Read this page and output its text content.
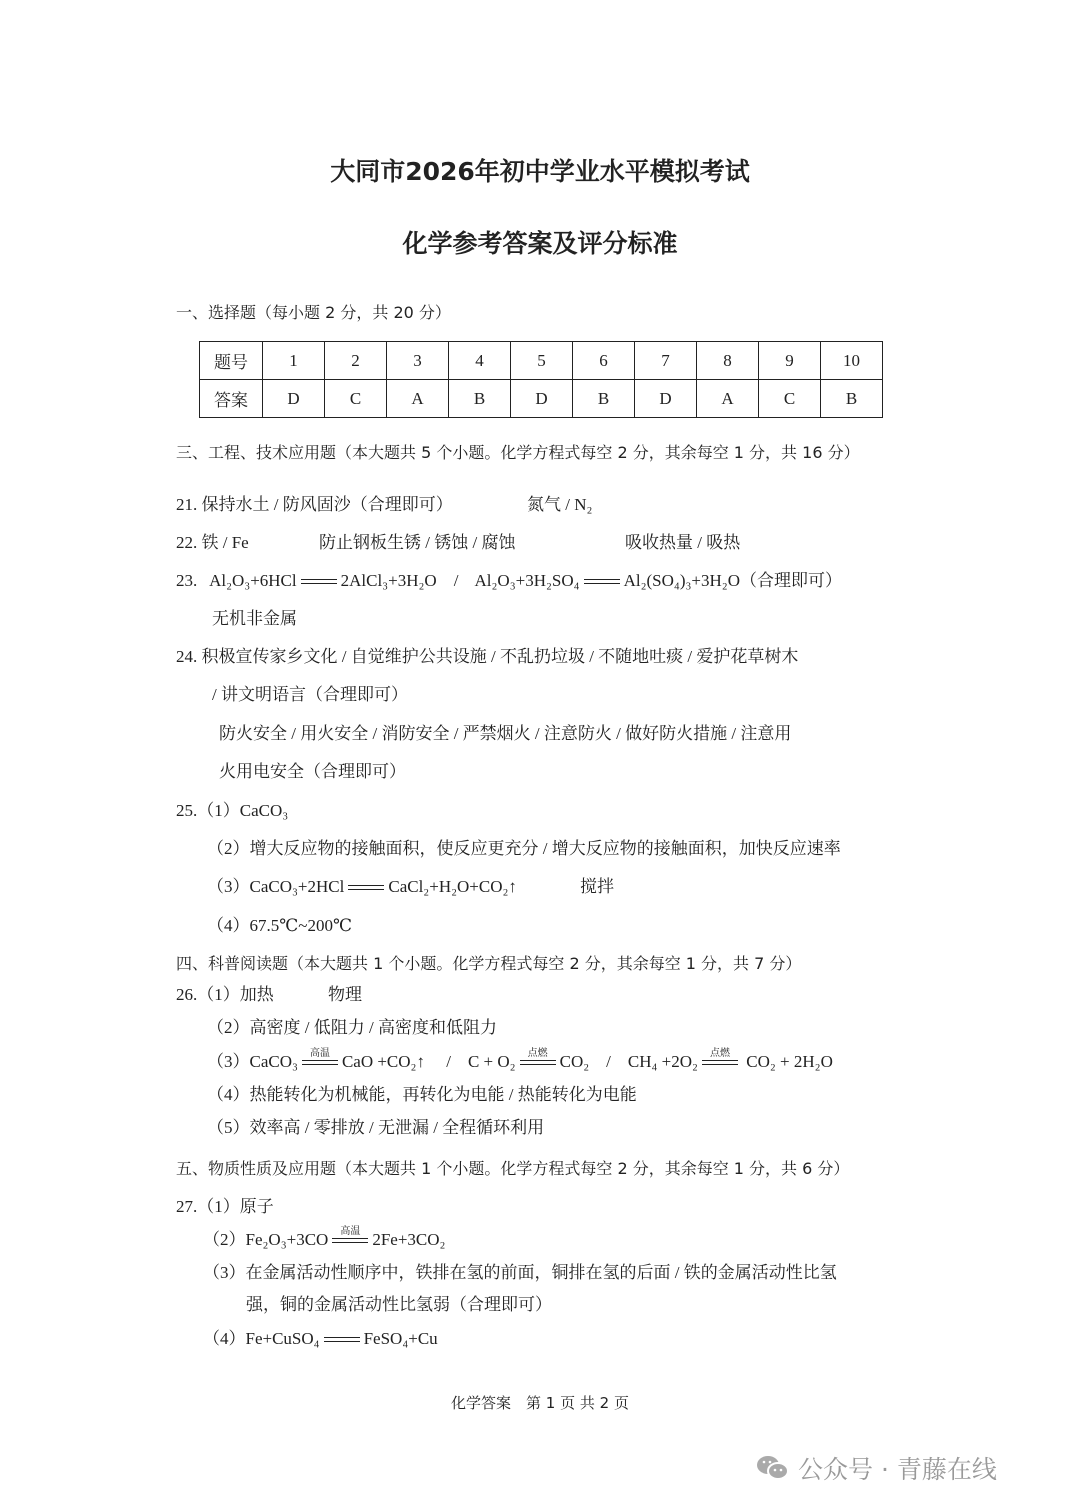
大同市2026年初中学业水平模拟考试
化学参考答案及评分标准
一、选择题（每小题 2 分，共 20 分）
题号	1	2	3	4	5	6	7	8	9	10
答案	D	C	A	B	D	B	D	A	C	B
三、工程、技术应用题（本大题共 5 个小题。化学方程式每空 2 分，其余每空 1 分，共 16 分）
21. 保持水土 / 防风固沙（合理即可）	氮气 / N₂
22. 铁 / Fe	防止钢板生锈 / 锈蚀 / 腐蚀	吸收热量 / 吸热
23. Al₂O₃+6HCl	2AlCl₃+3H₂O / Al₂O₃+3H₂SO₄	Al₂(SO₄)₃+3H₂O（合理即可）
无机非金属
24. 积极宣传家乡文化 / 自觉维护公共设施 / 不乱扔垃圾 / 不随地吐痰 / 爱护花草树木
/ 讲文明语言（合理即可）
防火安全 / 用火安全 / 消防安全 / 严禁烟火 / 注意防火 / 做好防火措施 / 注意用
火用电安全（合理即可）
25.（1）CaCO₃
（2）增大反应物的接触面积，使反应更充分 / 增大反应物的接触面积，加快反应速率
（3）CaCO₃+2HCl	CaCl₂+H₂O+CO₂↑	搅拌
（4）67.5℃~200℃
四、科普阅读题（本大题共 1 个小题。化学方程式每空 2 分，其余每空 1 分，共 7 分）
26.（1）加热	物理
（2）高密度 / 低阻力 / 高密度和低阻力
（3）CaCO₃	高温 CaO +CO₂↑ / C + O₂	点燃 CO₂ / CH₄ +2O₂	点燃 CO₂ + 2H₂O
（4）热能转化为机械能，再转化为电能 / 热能转化为电能
（5）效率高 / 零排放 / 无泄漏 / 全程循环利用
五、物质性质及应用题（本大题共 1 个小题。化学方程式每空 2 分，其余每空 1 分，共 6 分）
27.（1）原子
（2）Fe₂O₃+3CO	高温 2Fe+3CO₂
（3）在金属活动性顺序中，铁排在氢的前面，铜排在氢的后面 / 铁的金属活动性比氢
强，铜的金属活动性比氢弱（合理即可）
（4）Fe+CuSO₄	FeSO₄+Cu
化学答案　第 1 页 共 2 页
公众号 · 青藤在线
